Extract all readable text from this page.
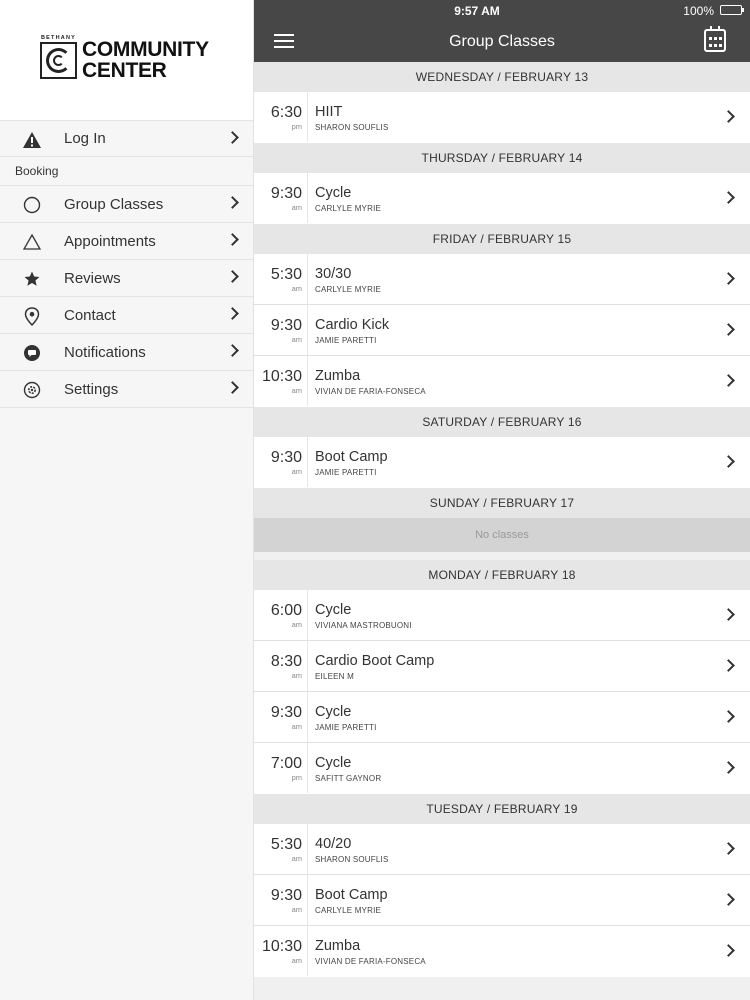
BETHANY COMMUNITY
CENTER
Log In
Booking
Group Classes
Appointments
Reviews
Contact
Notifications
Settings
9:57 AM	100%
Group Classes
WEDNESDAY / FEBRUARY 13
6:30
pm
HIIT
SHARON SOUFLIS
THURSDAY / FEBRUARY 14
9:30
am
Cycle
CARLYLE MYRIE
FRIDAY / FEBRUARY 15
5:30
am
30/30
CARLYLE MYRIE
9:30
am
Cardio Kick
JAMIE PARETTI
10:30
am
Zumba
VIVIAN DE FARIA-FONSECA
SATURDAY / FEBRUARY 16
9:30
am
Boot Camp
JAMIE PARETTI
SUNDAY / FEBRUARY 17
No classes
MONDAY / FEBRUARY 18
6:00
am
Cycle
VIVIANA MASTROBUONI
8:30
am
Cardio Boot Camp
EILEEN M
9:30
am
Cycle
JAMIE PARETTI
7:00
pm
Cycle
SAFITT GAYNOR
TUESDAY / FEBRUARY 19
5:30
am
40/20
SHARON SOUFLIS
9:30
am
Boot Camp
CARLYLE MYRIE
10:30
am
Zumba
VIVIAN DE FARIA-FONSECA
